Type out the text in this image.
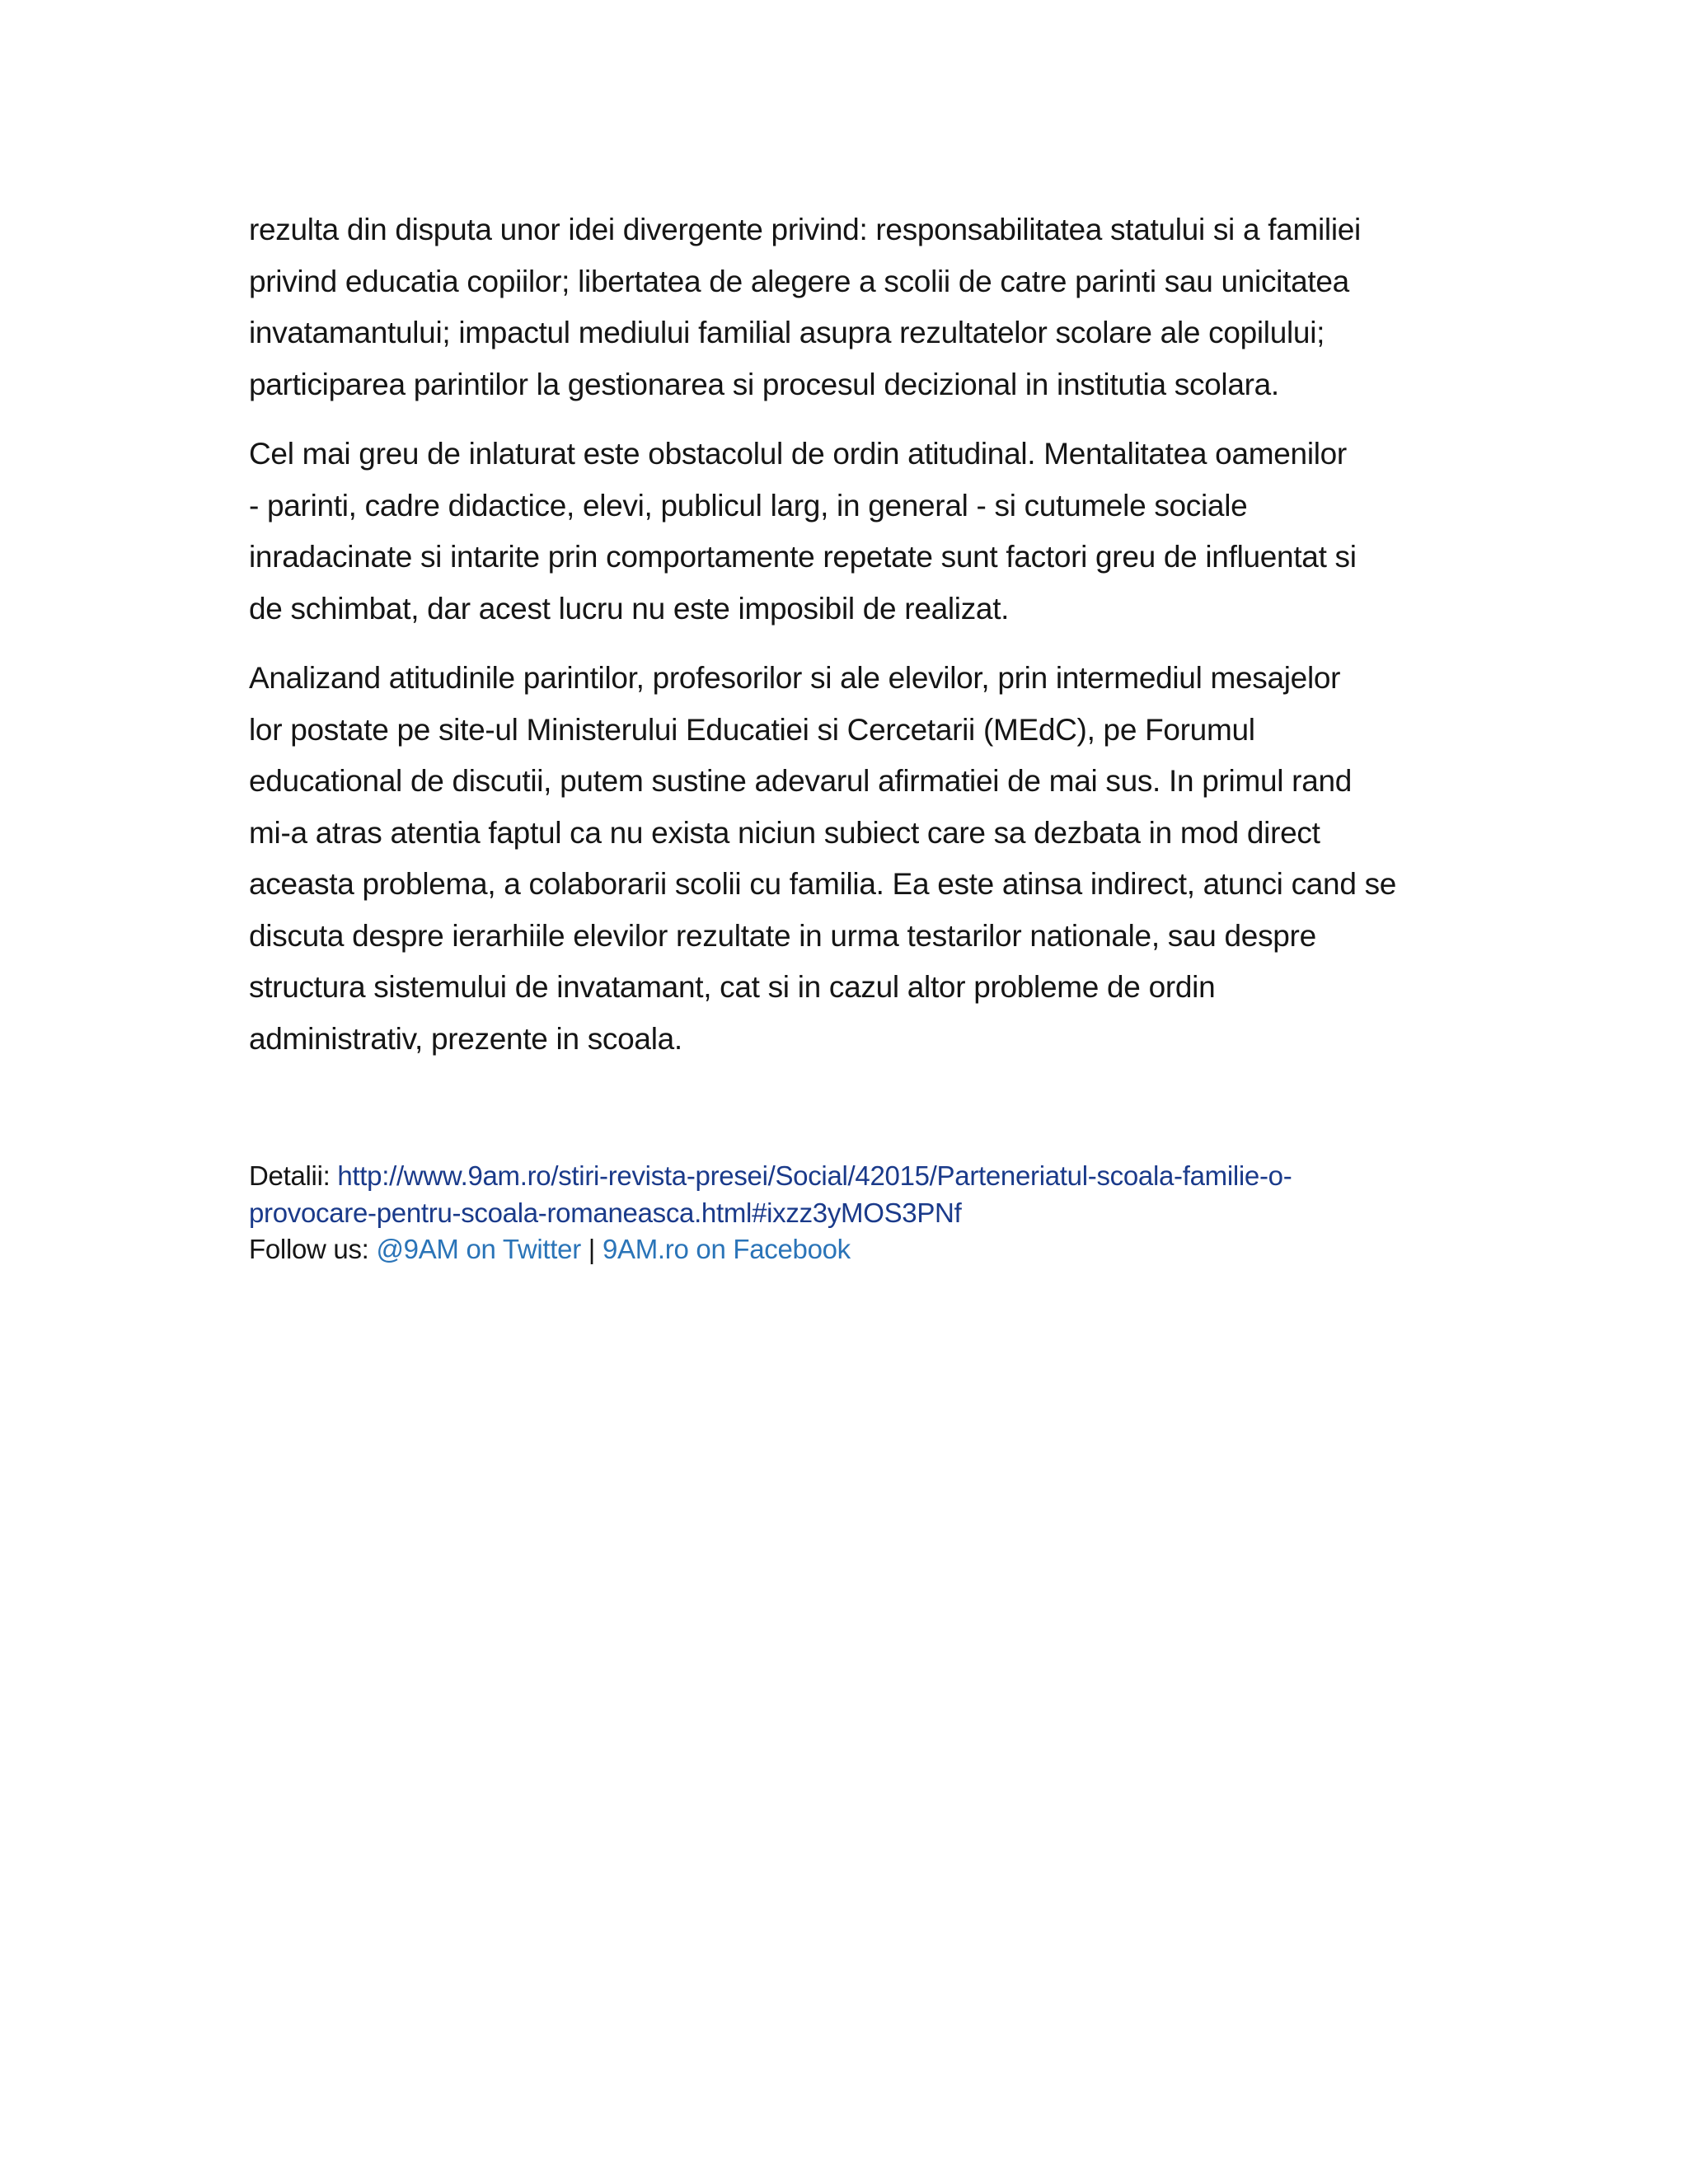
rezulta din disputa unor idei divergente privind: responsabilitatea statului si a familiei
privind educatia copiilor; libertatea de alegere a scolii de catre parinti sau unicitatea
invatamantului; impactul mediului familial asupra rezultatelor scolare ale copilului;
participarea parintilor la gestionarea si procesul decizional in institutia scolara.

Cel mai greu de inlaturat este obstacolul de ordin atitudinal. Mentalitatea oamenilor
- parinti, cadre didactice, elevi, publicul larg, in general - si cutumele sociale
inradacinate si intarite prin comportamente repetate sunt factori greu de influentat si
de schimbat, dar acest lucru nu este imposibil de realizat.

Analizand atitudinile parintilor, profesorilor si ale elevilor, prin intermediul mesajelor
lor postate pe site-ul Ministerului Educatiei si Cercetarii (MEdC), pe Forumul
educational de discutii, putem sustine adevarul afirmatiei de mai sus. In primul rand
mi-a atras atentia faptul ca nu exista niciun subiect care sa dezbata in mod direct
aceasta problema, a colaborarii scolii cu familia. Ea este atinsa indirect, atunci cand se
discuta despre ierarhiile elevilor rezultate in urma testarilor nationale, sau despre
structura sistemului de invatamant, cat si in cazul altor probleme de ordin
administrativ, prezente in scoala.

Detalii: http://www.9am.ro/stiri-revista-presei/Social/42015/Parteneriatul-scoala-familie-o-
provocare-pentru-scoala-romaneasca.html#ixzz3yMOS3PNf
Follow us: @9AM on Twitter | 9AM.ro on Facebook
